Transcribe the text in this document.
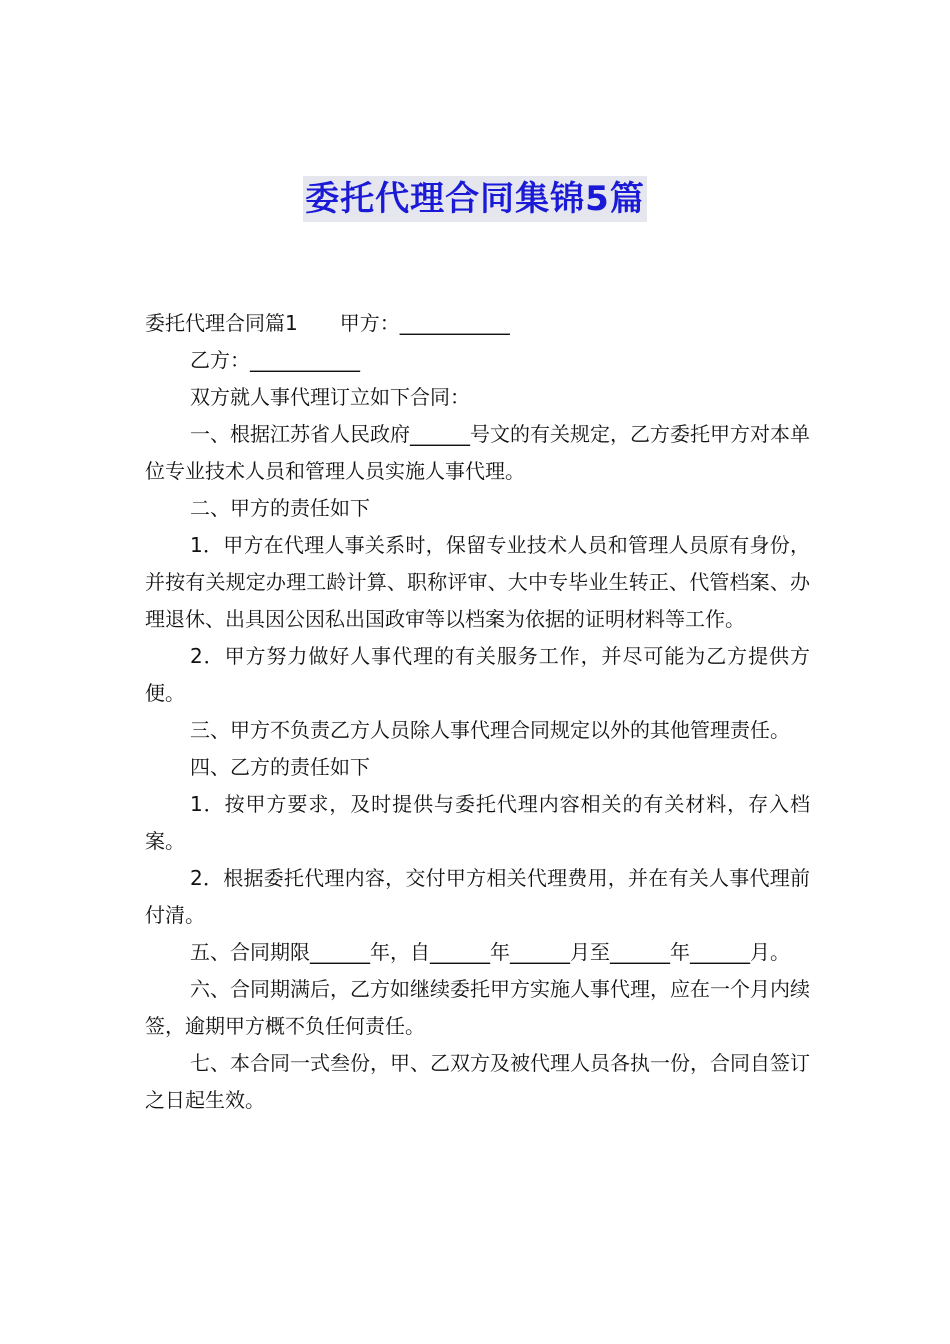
委托代理合同集锦5篇

委托代理合同篇1 甲方：___________

乙方：___________

双方就人事代理订立如下合同：

一、根据江苏省人民政府______号文的有关规定，乙方委托甲方对本单位专业技术人员和管理人员实施人事代理。

二、甲方的责任如下

1．甲方在代理人事关系时，保留专业技术人员和管理人员原有身份，并按有关规定办理工龄计算、职称评审、大中专毕业生转正、代管档案、办理退休、出具因公因私出国政审等以档案为依据的证明材料等工作。

2．甲方努力做好人事代理的有关服务工作，并尽可能为乙方提供方便。

三、甲方不负责乙方人员除人事代理合同规定以外的其他管理责任。

四、乙方的责任如下

1．按甲方要求，及时提供与委托代理内容相关的有关材料，存入档案。

2．根据委托代理内容，交付甲方相关代理费用，并在有关人事代理前付清。

五、合同期限______年，自______年______月至______年______月。

六、合同期满后，乙方如继续委托甲方实施人事代理，应在一个月内续签，逾期甲方概不负任何责任。

七、本合同一式叁份，甲、乙双方及被代理人员各执一份，合同自签订之日起生效。
